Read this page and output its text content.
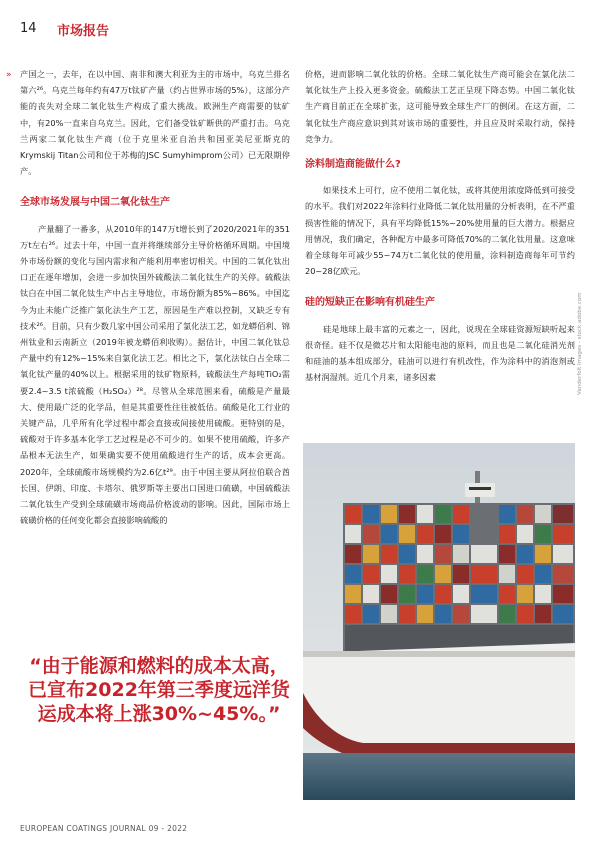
14 市场报告
» 产国之一，去年，在以中国、南非和澳大利亚为主的市场中，乌克兰排名第六²⁶。乌克兰每年约有47万t钛矿产量（约占世界市场的5%），这部分产能的丧失对全球二氧化钛生产构成了重大挑战。欧洲生产商需要的钛矿中，有20%一直来自乌克兰。因此，它们备受钛矿断供的严重打击。乌克兰两家二氧化钛生产商（位于克里米亚自治共和国亚美尼亚斯克的Krymskij Titan公司和位于苏梅的JSC Sumyhimprom公司）已无限期停产。

全球市场发展与中国二氧化钛生产

产量翻了一番多，从2010年的147万t增长到了2020/2021年的351万t左右²⁶。过去十年，中国一直并将继续部分主导价格循环周期。中国境外市场份额的变化与国内需求和产能利用率密切相关。中国的二氧化钛出口正在逐年增加，会进一步加快国外硫酸法二氧化钛生产的关停。硫酸法钛白在中国二氧化钛生产中占主导地位，市场份额为85%~86%。中国迄今为止未能广泛推广氯化法生产工艺，原因是生产难以控制，又缺乏专有技术²⁶。目前，只有少数几家中国公司采用了氯化法工艺，如龙蟒佰利、锦州钛业和云南新立（2019年被龙蟒佰利收购）。据估计，中国二氧化钛总产量中约有12%~15%来自氯化法工艺。相比之下，氯化法钛白占全球二氧化钛产量的40%以上。根据采用的钛矿物原料，硫酸法生产每吨TiO₂需要2.4~3.5 t浓硫酸（H₂SO₄）²⁸。尽管从全球范围来看，硫酸是产量最大、使用最广泛的化学品，但是其重要性往往被低估。硫酸是化工行业的关键产品，几乎所有化学过程中都会直接或间接使用硫酸。更特别的是，硫酸对于许多基本化学工艺过程是必不可少的。如果不使用硫酸，许多产品根本无法生产，如果确实要不使用硫酸进行生产的话，成本会更高。2020年，全球硫酸市场规模约为2.6亿t²⁹。由于中国主要从阿拉伯联合酋长国、伊朗、印度、卡塔尔、俄罗斯等主要出口国进口硫磺，中国硫酸法二氧化钛生产受到全球硫磺市场商品价格波动的影响。因此，国际市场上硫磺价格的任何变化都会直接影响硫酸的

价格，进而影响二氧化钛的价格。全球二氧化钛生产商可能会在氯化法二氧化钛生产上投入更多资金。硫酸法工艺正呈现下降态势。中国二氧化钛生产商目前正在全球扩张，这可能导致全球生产厂的倒闭。在这方面，二氧化钛生产商应意识到其对该市场的重要性，并且应及时采取行动，保持竞争力。

涂料制造商能做什么?

如果技术上可行，应不使用二氧化钛，或将其使用浓度降低到可接受的水平。我们对2022年涂料行业降低二氧化钛用量的分析表明，在不严重损害性能的情况下，具有平均降低15%~20%使用量的巨大潜力。根据应用情况，我们确定，各种配方中最多可降低70%的二氧化钛用量。这意味着全球每年可减少55~74万t二氧化钛的使用量，涂料制造商每年可节约20~28亿欧元。

硅的短缺正在影响有机硅生产

硅是地球上最丰富的元素之一，因此，说现在全球硅资源短缺听起来很奇怪。硅不仅是微芯片和太阳能电池的原料，而且也是二氧化硅消光剂和硅油的基本组成部分，硅油可以进行有机改性，作为涂料中的消泡剂或基材润湿剂。近几个月来，诸多因素	Vanderfolt Images - stock.adobe.com
“由于能源和燃料的成本太高，已宣布2022年第三季度远洋货运成本将上涨30%~45%。”
EUROPEAN COATINGS JOURNAL 09 - 2022
